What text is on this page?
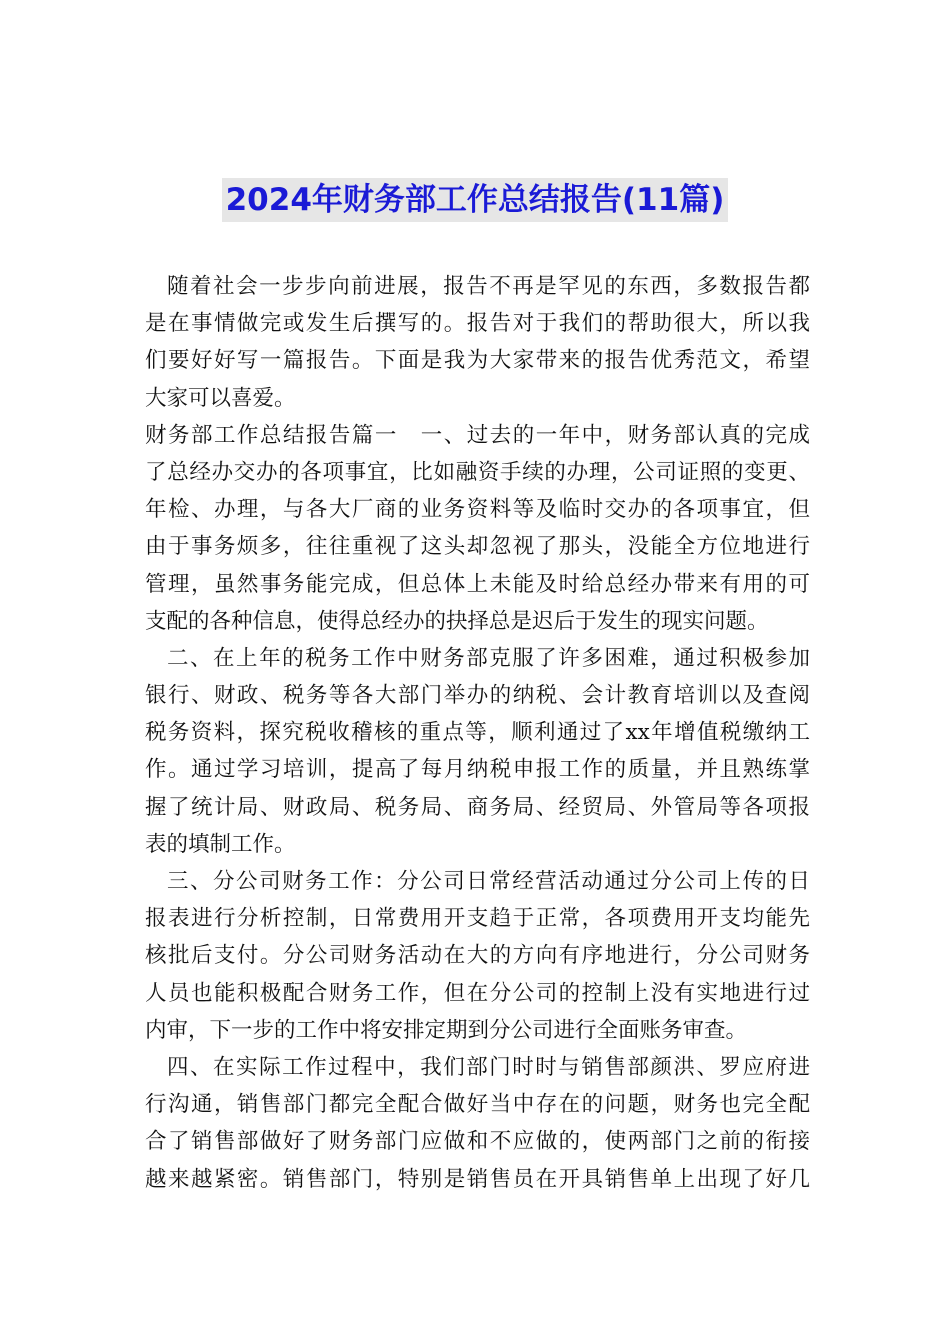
2024年财务部工作总结报告(11篇)
随着社会一步步向前进展，报告不再是罕见的东西，多数报告都
是在事情做完或发生后撰写的。报告对于我们的帮助很大，所以我
们要好好写一篇报告。下面是我为大家带来的报告优秀范文，希望
大家可以喜爱。
财务部工作总结报告篇一　一、过去的一年中，财务部认真的完成
了总经办交办的各项事宜，比如融资手续的办理，公司证照的变更、
年检、办理，与各大厂商的业务资料等及临时交办的各项事宜，但
由于事务烦多，往往重视了这头却忽视了那头，没能全方位地进行
管理，虽然事务能完成，但总体上未能及时给总经办带来有用的可
支配的各种信息，使得总经办的抉择总是迟后于发生的现实问题。
二、在上年的税务工作中财务部克服了许多困难，通过积极参加
银行、财政、税务等各大部门举办的纳税、会计教育培训以及查阅
税务资料，探究税收稽核的重点等，顺利通过了xx年增值税缴纳工
作。通过学习培训，提高了每月纳税申报工作的质量，并且熟练掌
握了统计局、财政局、税务局、商务局、经贸局、外管局等各项报
表的填制工作。
三、分公司财务工作：分公司日常经营活动通过分公司上传的日
报表进行分析控制，日常费用开支趋于正常，各项费用开支均能先
核批后支付。分公司财务活动在大的方向有序地进行，分公司财务
人员也能积极配合财务工作，但在分公司的控制上没有实地进行过
内审，下一步的工作中将安排定期到分公司进行全面账务审查。
四、在实际工作过程中，我们部门时时与销售部颜洪、罗应府进
行沟通，销售部门都完全配合做好当中存在的问题，财务也完全配
合了销售部做好了财务部门应做和不应做的，使两部门之前的衔接
越来越紧密。销售部门，特别是销售员在开具销售单上出现了好几
